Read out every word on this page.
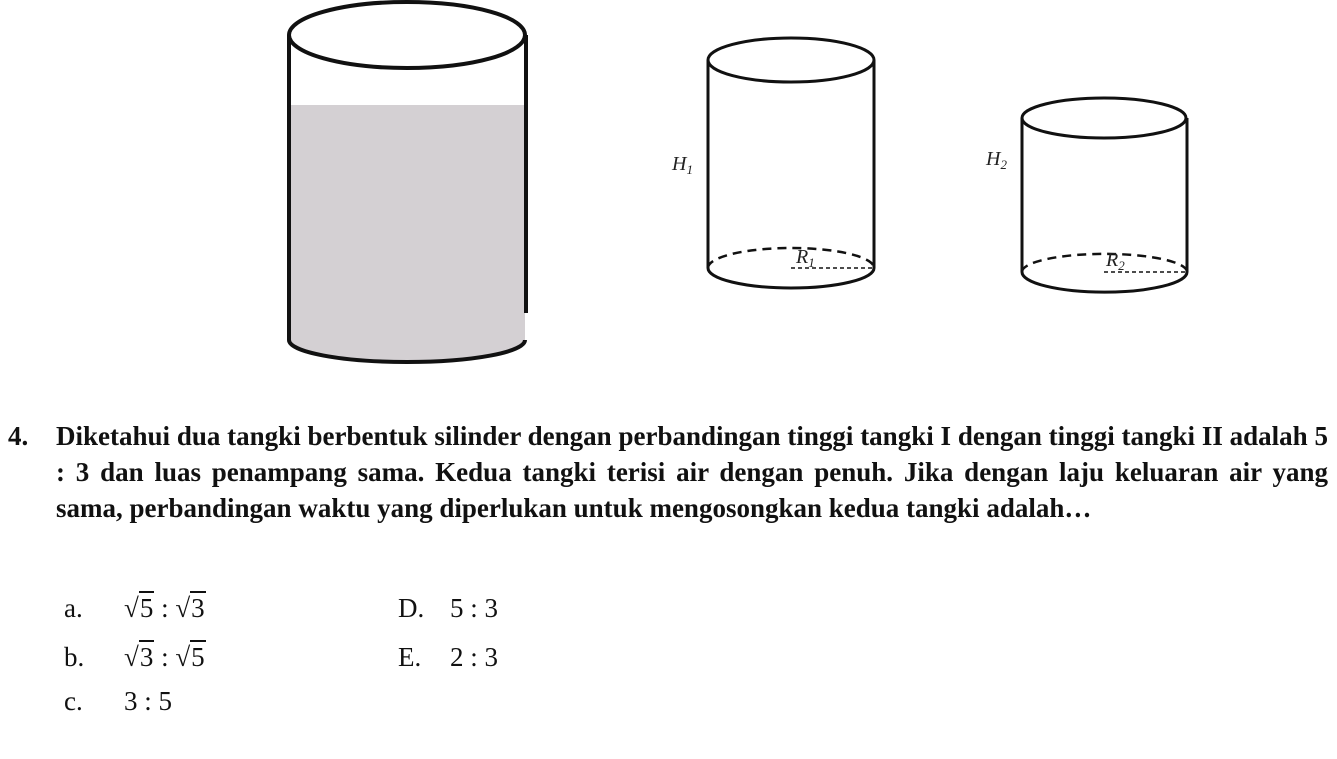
$H_1$
$R_1$
$H_2$
$R_2$
4. Diketahui dua tangki berbentuk silinder dengan perbandingan tinggi tangki I dengan tinggi tangki II adalah 5 : 3 dan luas penampang sama. Kedua tangki terisi air dengan penuh. Jika dengan laju keluaran air yang sama, perbandingan waktu yang diperlukan untuk mengosongkan kedua tangki adalah…
a. √5 : √3
b. √3 : √5
c. 3 : 5
D. 5 : 3
E. 2 : 3
